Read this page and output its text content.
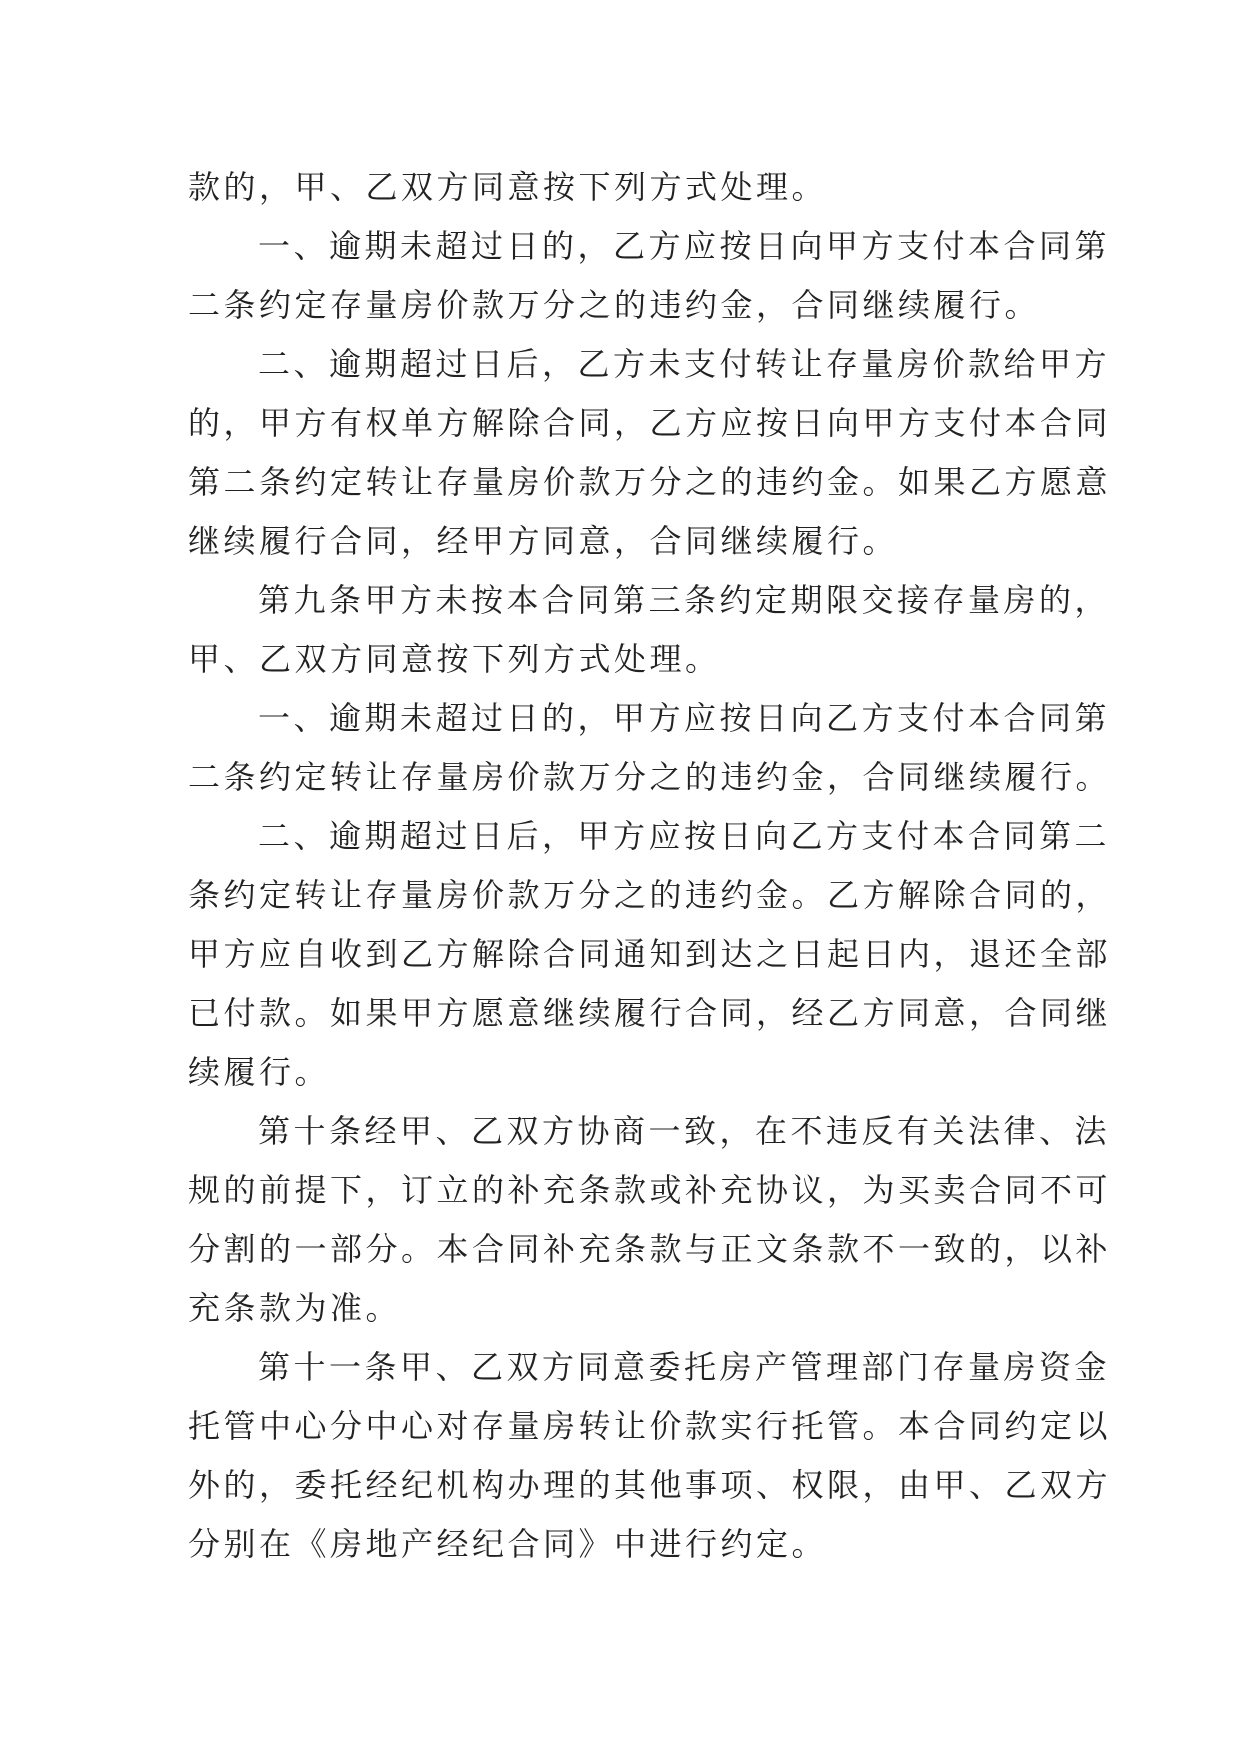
款的，甲、乙双方同意按下列方式处理。
一、逾期未超过日的，乙方应按日向甲方支付本合同第
二条约定存量房价款万分之的违约金，合同继续履行。
二、逾期超过日后，乙方未支付转让存量房价款给甲方
的，甲方有权单方解除合同，乙方应按日向甲方支付本合同
第二条约定转让存量房价款万分之的违约金。如果乙方愿意
继续履行合同，经甲方同意，合同继续履行。
第九条甲方未按本合同第三条约定期限交接存量房的，
甲、乙双方同意按下列方式处理。
一、逾期未超过日的，甲方应按日向乙方支付本合同第
二条约定转让存量房价款万分之的违约金，合同继续履行。
二、逾期超过日后，甲方应按日向乙方支付本合同第二
条约定转让存量房价款万分之的违约金。乙方解除合同的，
甲方应自收到乙方解除合同通知到达之日起日内，退还全部
已付款。如果甲方愿意继续履行合同，经乙方同意，合同继
续履行。
第十条经甲、乙双方协商一致，在不违反有关法律、法
规的前提下，订立的补充条款或补充协议，为买卖合同不可
分割的一部分。本合同补充条款与正文条款不一致的，以补
充条款为准。
第十一条甲、乙双方同意委托房产管理部门存量房资金
托管中心分中心对存量房转让价款实行托管。本合同约定以
外的，委托经纪机构办理的其他事项、权限，由甲、乙双方
分别在《房地产经纪合同》中进行约定。
